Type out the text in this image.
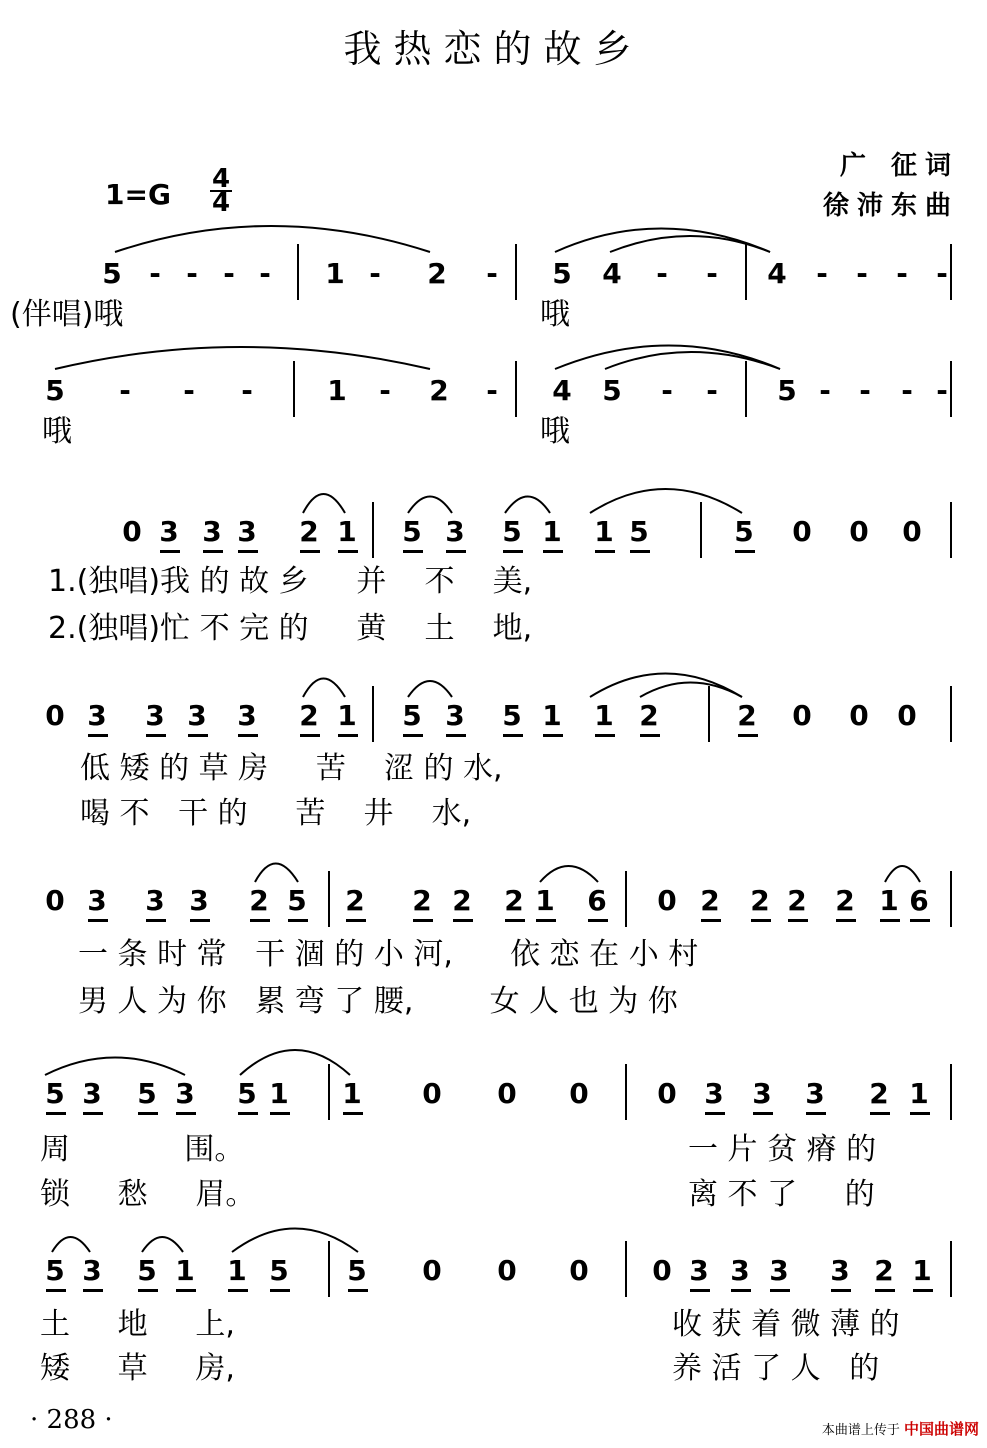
我热恋的故乡
广 征词
徐沛东曲
1=G 4
4
5 - - - - 1 - 2 - 5 4 - - 4 - - - -
5 - - -	1 - 2 - 4 5 - - 5 - - - -
0 3 3 3 2 1 5 3 5 1 1 5	5 0 0 0
0 3 3 3 3 2 1 5 3 5 1 1 2	2 0 0 0
0 3 3 3 2 5 2 2 2 2 1 6 0 2 2 2 2 1 6
5 3 5 3 5 1 1 0 0 0 0 3 3 3 2 1
5 3 5 1 1 5 5 0 0 0 0 3 3 3 3 2 1
(伴唱)哦	哦
哦	哦
1.(独唱)我 的 故 乡     并    不    美,
2.(独唱)忙 不 完 的     黄    土    地,
低 矮 的 草 房     苦    涩 的 水,
喝 不   干 的     苦    井    水,
一 条 时 常   干 涸 的 小 河,      依 恋 在 小 村
男 人 为 你   累 弯 了 腰,        女 人 也 为 你
周            围。
锁     愁     眉。
一 片 贫 瘠 的
离 不 了     的
土     地     上,
矮     草     房,
收 获 着 微 薄 的
养 活 了 人   的
· 288 ·	本曲谱上传于 中国曲谱网
